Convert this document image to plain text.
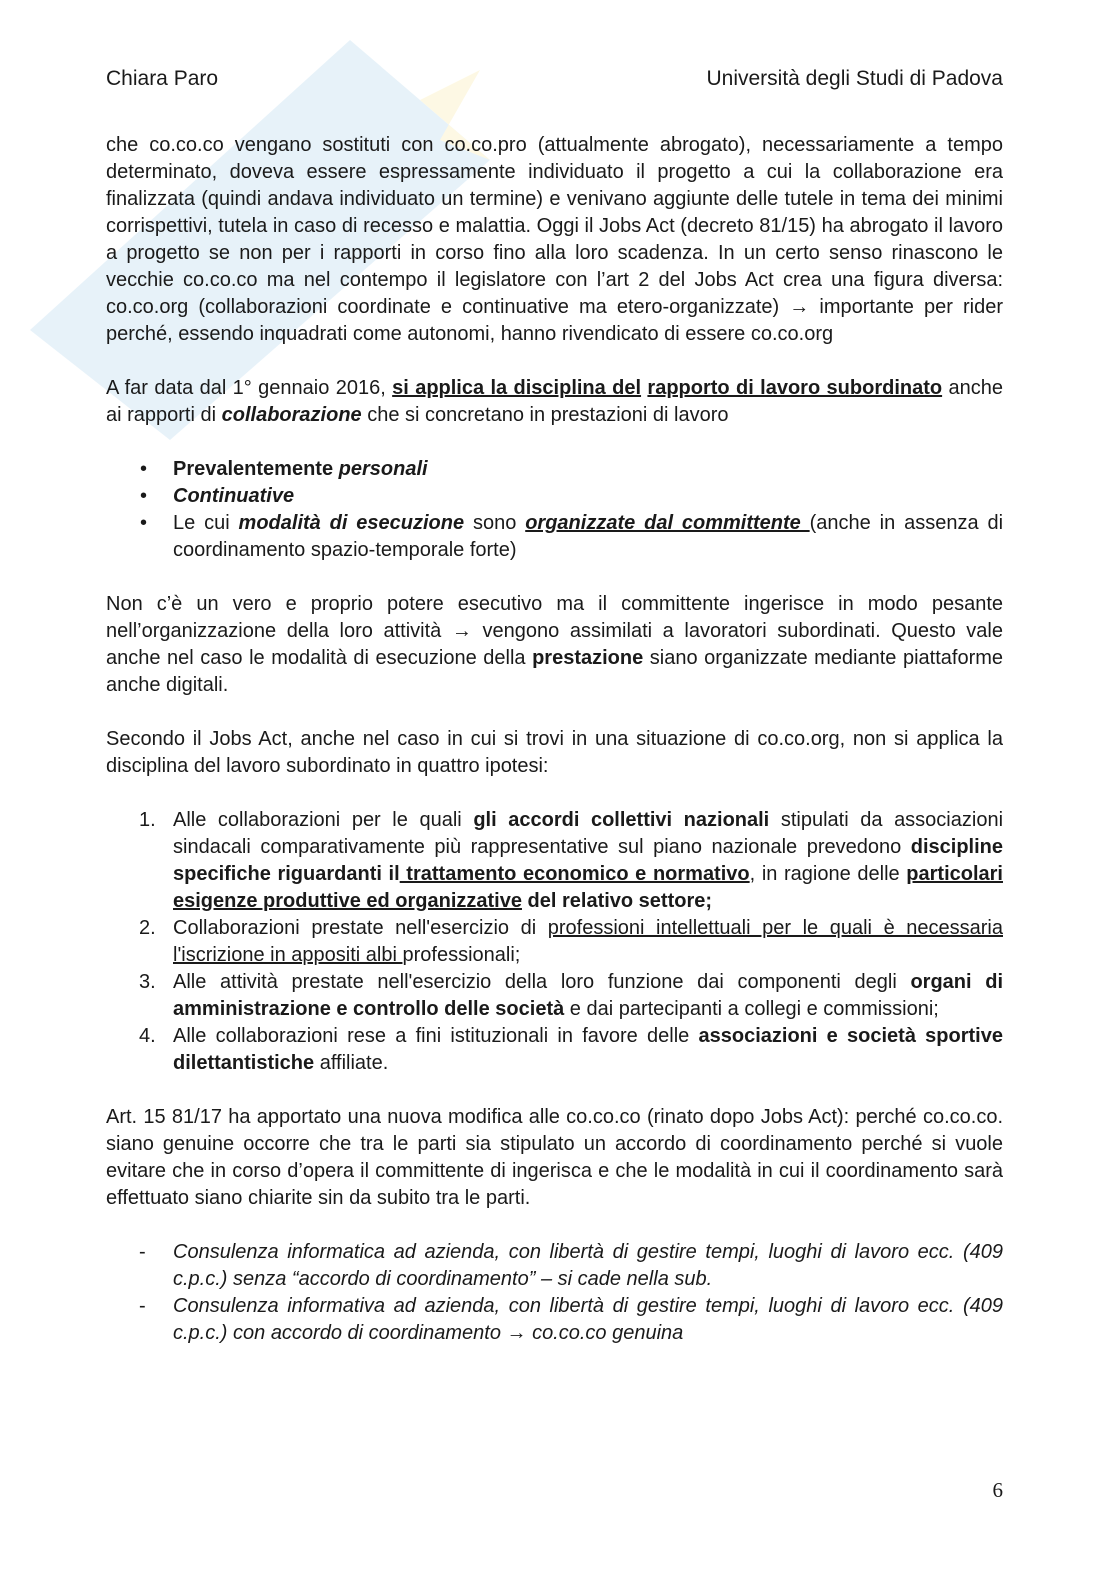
Chiara Paro	Università degli Studi di Padova

che co.co.co vengano sostituti con co.co.pro (attualmente abrogato), necessariamente a tempo determinato, doveva essere espressamente individuato il progetto a cui la collaborazione era finalizzata (quindi andava individuato un termine) e venivano aggiunte delle tutele in tema dei minimi corrispettivi, tutela in caso di recesso e malattia. Oggi il Jobs Act (decreto 81/15) ha abrogato il lavoro a progetto se non per i rapporti in corso fino alla loro scadenza. In un certo senso rinascono le vecchie co.co.co ma nel contempo il legislatore con l’art 2 del Jobs Act crea una figura diversa: co.co.org (collaborazioni coordinate e continuative ma etero-organizzate) → importante per rider perché, essendo inquadrati come autonomi, hanno rivendicato di essere co.co.org

A far data dal 1° gennaio 2016, si applica la disciplina del rapporto di lavoro subordinato anche ai rapporti di collaborazione che si concretano in prestazioni di lavoro

• Prevalentemente personali
• Continuative
• Le cui modalità di esecuzione sono organizzate dal committente (anche in assenza di coordinamento spazio-temporale forte)

Non c’è un vero e proprio potere esecutivo ma il committente ingerisce in modo pesante nell’organizzazione della loro attività → vengono assimilati a lavoratori subordinati. Questo vale anche nel caso le modalità di esecuzione della prestazione siano organizzate mediante piattaforme anche digitali.

Secondo il Jobs Act, anche nel caso in cui si trovi in una situazione di co.co.org, non si applica la disciplina del lavoro subordinato in quattro ipotesi:

1. Alle collaborazioni per le quali gli accordi collettivi nazionali stipulati da associazioni sindacali comparativamente più rappresentative sul piano nazionale prevedono discipline specifiche riguardanti il trattamento economico e normativo, in ragione delle particolari esigenze produttive ed organizzative del relativo settore;
2. Collaborazioni prestate nell'esercizio di professioni intellettuali per le quali è necessaria l'iscrizione in appositi albi professionali;
3. Alle attività prestate nell'esercizio della loro funzione dai componenti degli organi di amministrazione e controllo delle società e dai partecipanti a collegi e commissioni;
4. Alle collaborazioni rese a fini istituzionali in favore delle associazioni e società sportive dilettantistiche affiliate.

Art. 15 81/17 ha apportato una nuova modifica alle co.co.co (rinato dopo Jobs Act): perché co.co.co. siano genuine occorre che tra le parti sia stipulato un accordo di coordinamento perché si vuole evitare che in corso d’opera il committente di ingerisca e che le modalità in cui il coordinamento sarà effettuato siano chiarite sin da subito tra le parti.

- Consulenza informatica ad azienda, con libertà di gestire tempi, luoghi di lavoro ecc. (409 c.p.c.) senza “accordo di coordinamento” – si cade nella sub.
- Consulenza informativa ad azienda, con libertà di gestire tempi, luoghi di lavoro ecc. (409 c.p.c.) con accordo di coordinamento → co.co.co genuina
6
